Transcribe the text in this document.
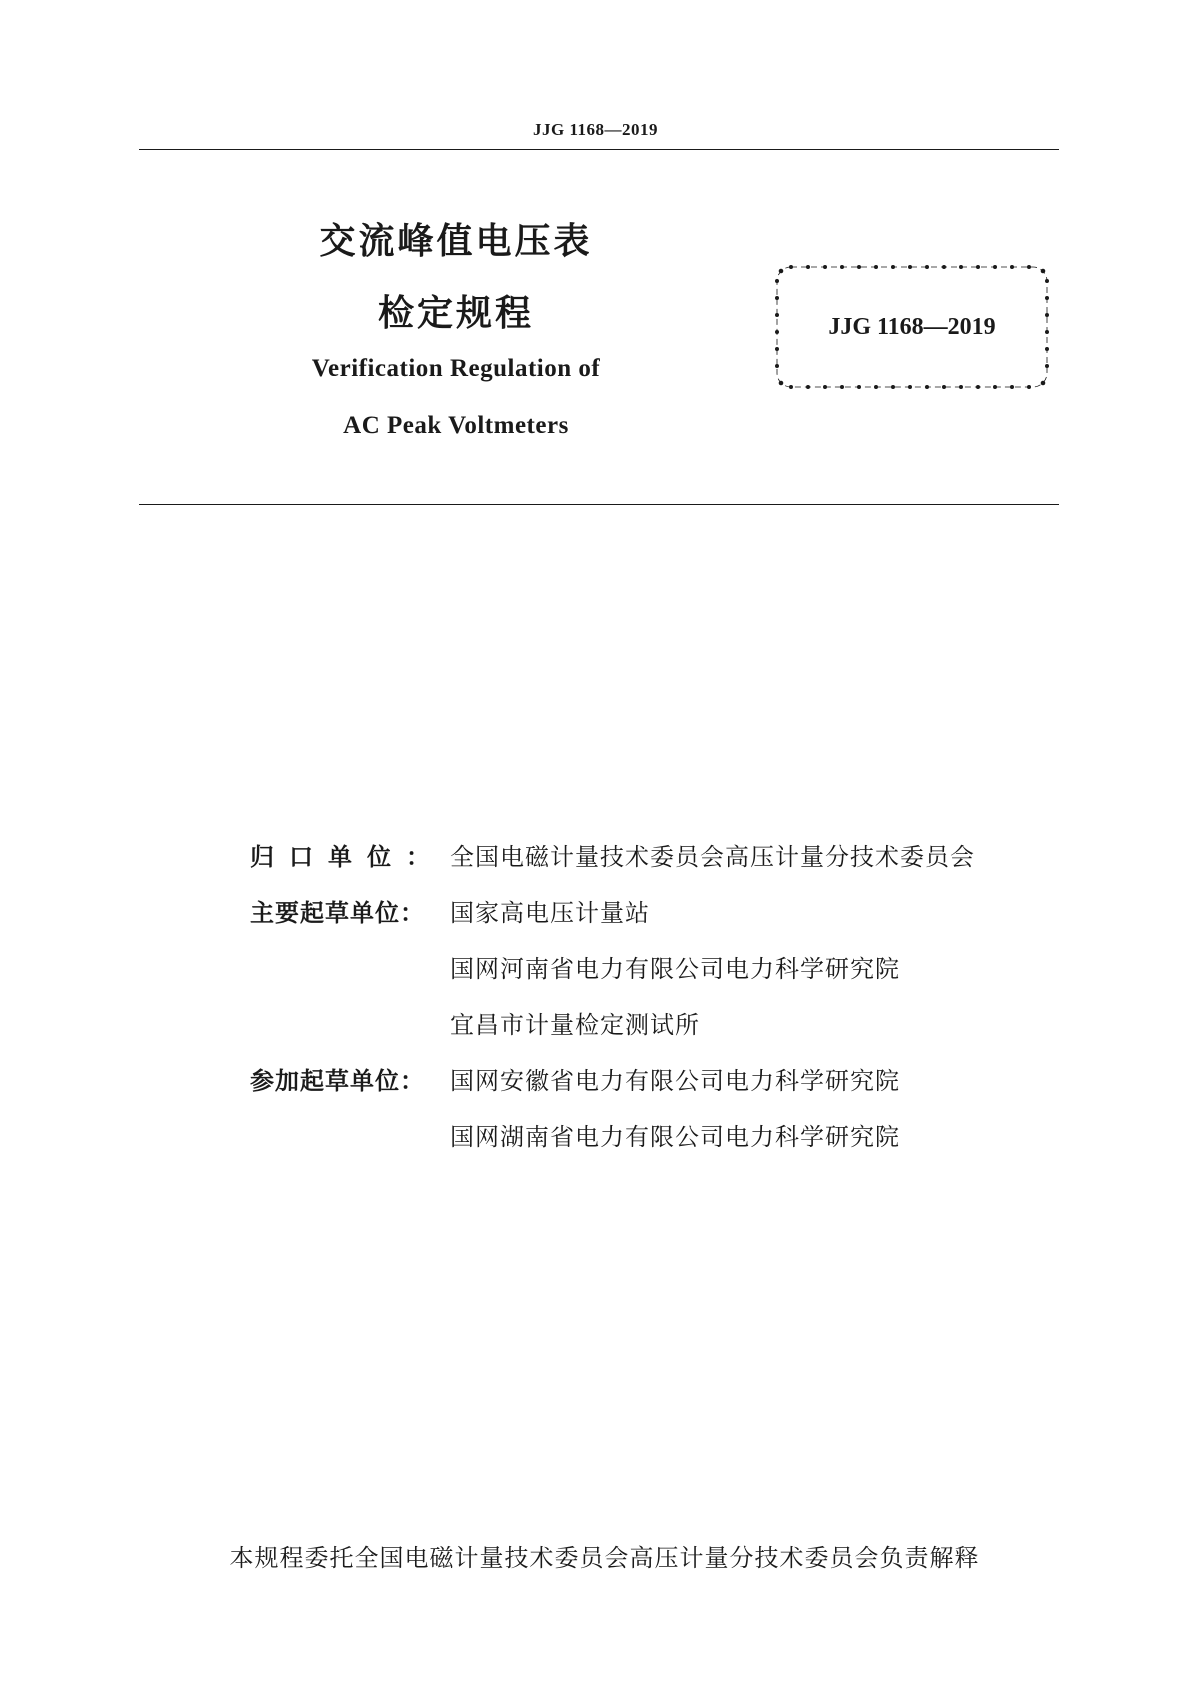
JJG 1168—2019
交流峰值电压表
检定规程
Verification Regulation of
AC Peak Voltmeters
JJG 1168—2019
归口单位： 全国电磁计量技术委员会高压计量分技术委员会
主要起草单位：	国家高电压计量站
国网河南省电力有限公司电力科学研究院
宜昌市计量检定测试所
参加起草单位：	国网安徽省电力有限公司电力科学研究院
国网湖南省电力有限公司电力科学研究院
本规程委托全国电磁计量技术委员会高压计量分技术委员会负责解释
